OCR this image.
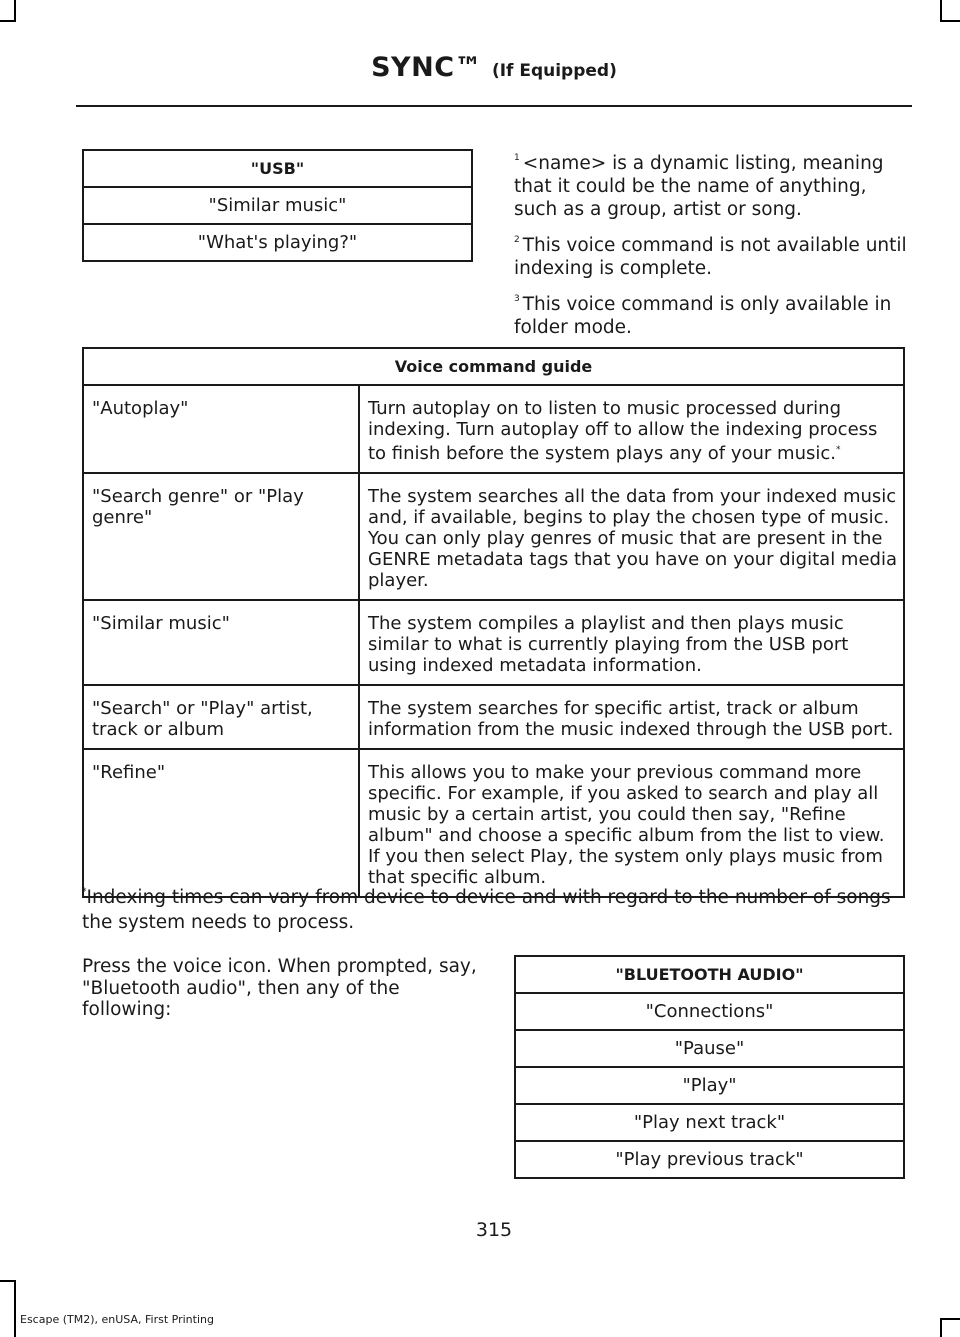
SYNC™ (If Equipped)
"USB"
"Similar music"
"What's playing?"

$^1$ <name> is a dynamic listing, meaning that it could be the name of anything, such as a group, artist or song.

$^2$ This voice command is not available until indexing is complete.

$^3$ This voice command is only available in folder mode.

Voice command guide	
"Autoplay"	Turn autoplay on to listen to music processed during indexing. Turn autoplay off to allow the indexing process to finish before the system plays any of your music.*
"Search genre" or "Play genre"	The system searches all the data from your indexed music and, if available, begins to play the chosen type of music. You can only play genres of music that are present in the GENRE metadata tags that you have on your digital media player.
"Similar music"	The system compiles a playlist and then plays music similar to what is currently playing from the USB port using indexed metadata information.
"Search" or "Play" artist, track or album	The system searches for specific artist, track or album information from the music indexed through the USB port.
"Refine"	This allows you to make your previous command more specific. For example, if you asked to search and play all music by a certain artist, you could then say, "Refine album" and choose a specific album from the list to view. If you then select Play, the system only plays music from that specific album.
*Indexing times can vary from device to device and with regard to the number of songs the system needs to process.
Press the voice icon. When prompted, say, "Bluetooth audio", then any of the following:
"BLUETOOTH AUDIO"
"Connections"
"Pause"
"Play"
"Play next track"
"Play previous track"
315
Escape (TM2), enUSA, First Printing
